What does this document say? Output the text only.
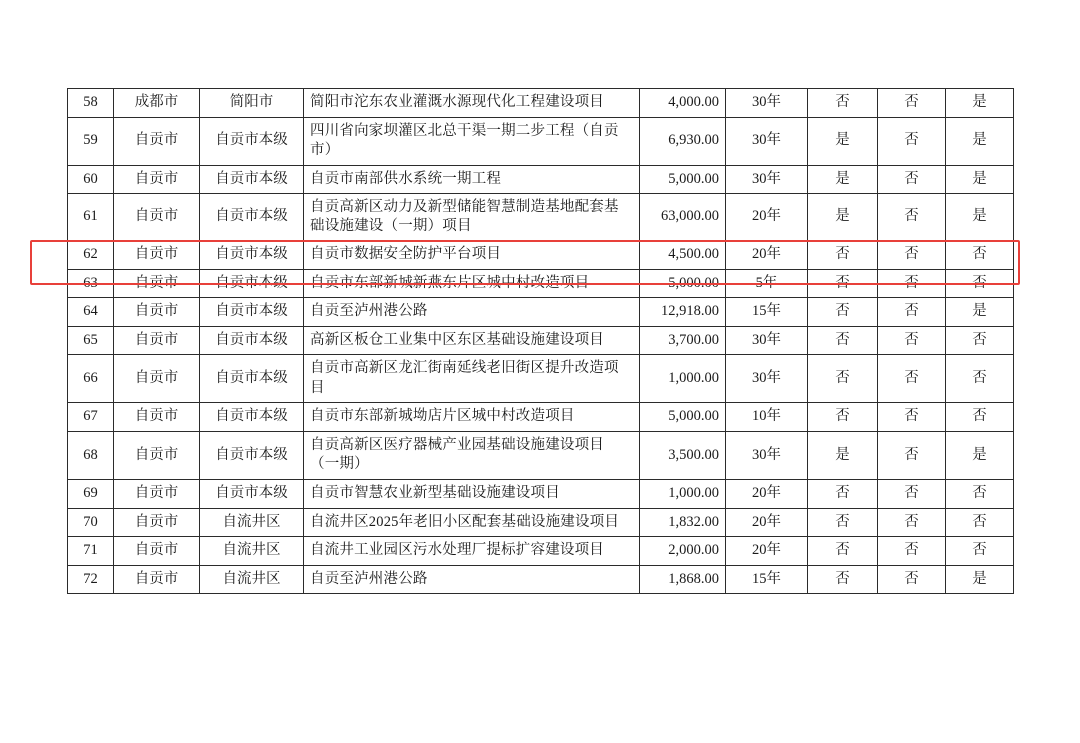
58	成都市	简阳市	简阳市沱东农业灌溉水源现代化工程建设项目	4,000.00	30年	否	否	是
59	自贡市	自贡市本级	四川省向家坝灌区北总干渠一期二步工程（自贡市）	6,930.00	30年	是	否	是
60	自贡市	自贡市本级	自贡市南部供水系统一期工程	5,000.00	30年	是	否	是
61	自贡市	自贡市本级	自贡高新区动力及新型储能智慧制造基地配套基础设施建设（一期）项目	63,000.00	20年	是	否	是
62	自贡市	自贡市本级	自贡市数据安全防护平台项目	4,500.00	20年	否	否	否
63	自贡市	自贡市本级	自贡市东部新城新燕东片区城中村改造项目	5,000.00	5年	否	否	否
64	自贡市	自贡市本级	自贡至泸州港公路	12,918.00	15年	否	否	是
65	自贡市	自贡市本级	高新区板仓工业集中区东区基础设施建设项目	3,700.00	30年	否	否	否
66	自贡市	自贡市本级	自贡市高新区龙汇街南延线老旧街区提升改造项目	1,000.00	30年	否	否	否
67	自贡市	自贡市本级	自贡市东部新城坳店片区城中村改造项目	5,000.00	10年	否	否	否
68	自贡市	自贡市本级	自贡高新区医疗器械产业园基础设施建设项目（一期）	3,500.00	30年	是	否	是
69	自贡市	自贡市本级	自贡市智慧农业新型基础设施建设项目	1,000.00	20年	否	否	否
70	自贡市	自流井区	自流井区2025年老旧小区配套基础设施建设项目	1,832.00	20年	否	否	否
71	自贡市	自流井区	自流井工业园区污水处理厂提标扩容建设项目	2,000.00	20年	否	否	否
72	自贡市	自流井区	自贡至泸州港公路	1,868.00	15年	否	否	是
